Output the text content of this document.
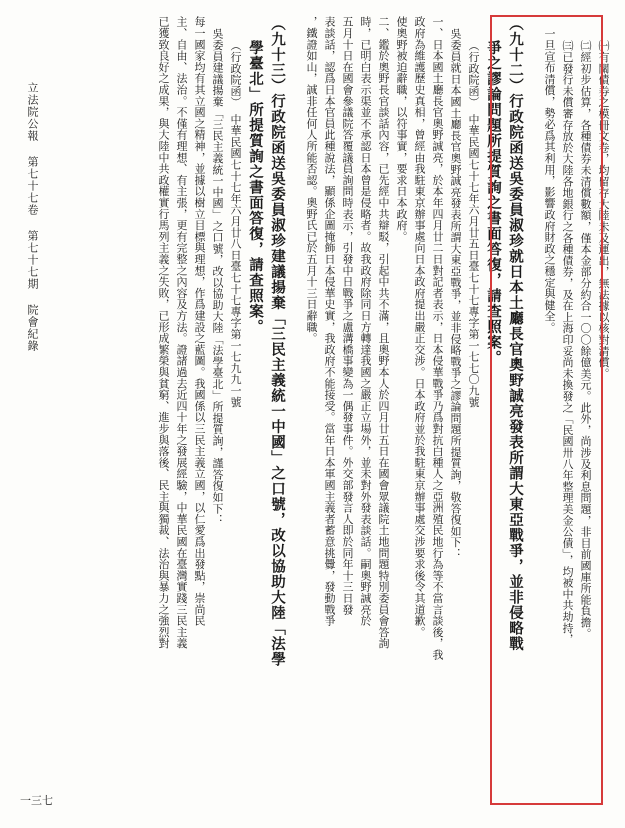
㈠有關債券之模冊文卷，均留存大陸未及運出，無法據以核對清償。
㈡經初步估算，各種債券未清償數額，僅本金部分約合一〇〇餘億美元。此外，尚涉及利息問題，非目前國庫所能負擔。
㈢已發行未償審存放於大陸各地銀行之各種債券，及在上海印妥尚未換發之「民國卅八年整理美金公債」，均被中共劫持，
一旦宣布清償，勢必爲其利用，影響政府財政之穩定與健全。
（九十二）行政院函送吳委員淑珍就日本土廳長官奧野誠亮發表所謂大東亞戰爭，並非侵略戰
爭之謬論問題所提質詢之書面答復，請查照案。
（行政院函）　中華民國七十七年六月廿五日臺七十七專字第一七七〇九號
吳委員就日本國土廳長官奧野誠亮發表所謂大東亞戰爭，並非侵略戰爭之謬論問題所提質詢，敬答復如下：
一、日本國土廳長官奧野誠亮，於本年四月廿二日對記者表示，日本侵華戰爭乃爲對抗白種人之亞洲殖民地行為等不當言談後，我
政府為維護歷史真相，曾經由我駐東京辦事處向日本政府提出嚴正交涉。日本政府並於我駐東京辦事處交涉要求後令其道歉。
使奧野被迫辭職，以符事實，要求日本政府。
二、鑑於奧野長官談話內容，已先經中共辯駁，引起中共不滿，且奧野本人於四月廿五日在國會眾議院土地問題特別委員會答詢
時，已明白表示渠並不承認日本曾是侵略者。故我政府除同日方轉達我國之嚴正立場外，並未對外發表談話。嗣奧野誠亮於
五月十日在國會參議院答覆議員詢問時表示，引發中日戰爭之盧溝橋事變為一偶發事件。外交部發言人即於同年十三日發
表談話，認爲日本官員此種說法，顯係企圖掩飾日本侵華史實，我政府不能接受。當年日本軍國主義者蓄意挑釁，發動戰爭
，鐵證如山，誠非任何人所能否認。奧野氏已於五月十三日辭職。
（九十三）行政院函送吳委員淑珍建議揚棄「三民主義統一中國」之口號，改以協助大陸「法學
學臺北」所提質詢之書面答復，請查照案。
（行政院函）　中華民國七十七年六月廿八日臺七十七專字第一七九九一號
吳委員建議揚棄「三民主義統一中國」之口號，改以協助大陸「法學臺北」所提質詢，謹答復如下：
每一國家均有其立國之精神，並據以樹立目標與理想，作爲建設之藍圖。我國係以三民主義立國，以仁愛爲出發點，崇尚民
主、自由、法治。不僅有理想、有主張，更有完整之內容及方法。證諸過去近四十年之發展經驗，中華民國在臺灣實踐三民主義
已獲致良好之成果，與大陸中共政權實行馬列主義之失敗，已形成繁榮與貧窮、進步與落後、民主與獨裁、法治與暴力之強烈對
立法院公報
第七十七卷
第七十七期
院會紀錄
一三七
